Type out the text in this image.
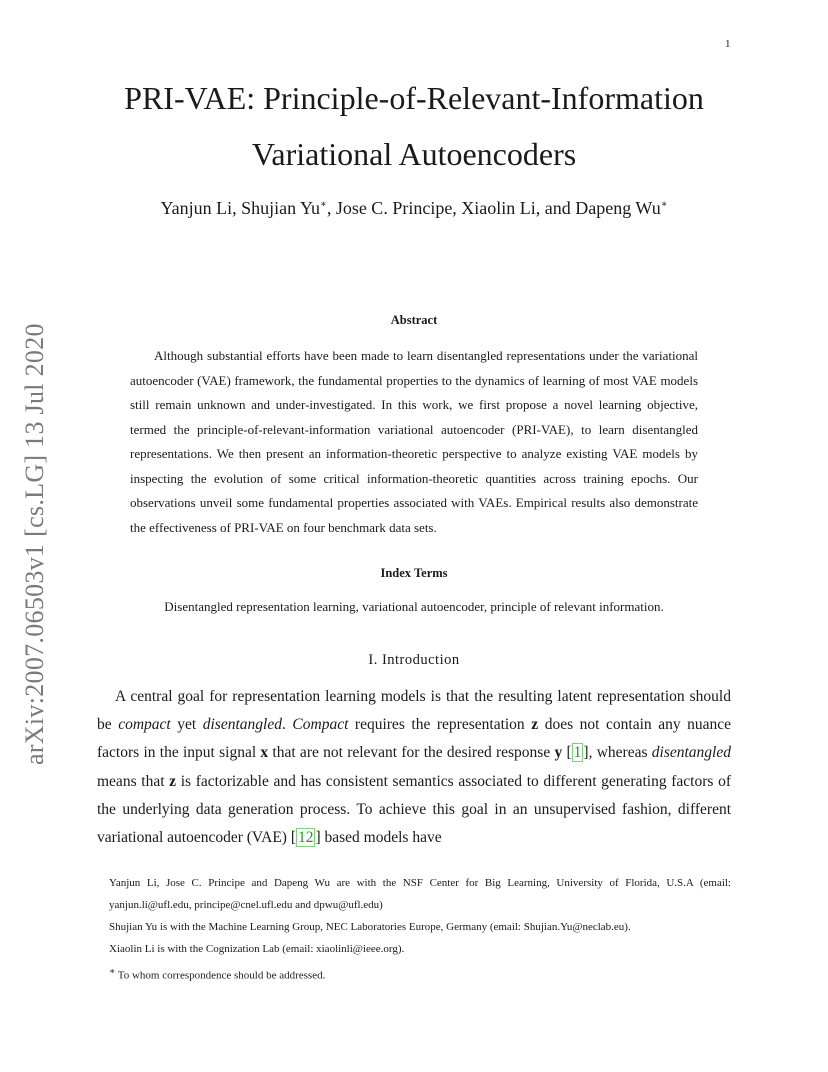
1
arXiv:2007.06503v1 [cs.LG] 13 Jul 2020
PRI-VAE: Principle-of-Relevant-Information
Variational Autoencoders
Yanjun Li, Shujian Yu∗, Jose C. Principe, Xiaolin Li, and Dapeng Wu∗
Abstract
Although substantial efforts have been made to learn disentangled representations under the variational autoencoder (VAE) framework, the fundamental properties to the dynamics of learning of most VAE models still remain unknown and under-investigated. In this work, we first propose a novel learning objective, termed the principle-of-relevant-information variational autoencoder (PRI-VAE), to learn disentangled representations. We then present an information-theoretic perspective to analyze existing VAE models by inspecting the evolution of some critical information-theoretic quantities across training epochs. Our observations unveil some fundamental properties associated with VAEs. Empirical results also demonstrate the effectiveness of PRI-VAE on four benchmark data sets.
Index Terms
Disentangled representation learning, variational autoencoder, principle of relevant information.
I. Introduction
A central goal for representation learning models is that the resulting latent representation should be compact yet disentangled. Compact requires the representation z does not contain any nuance factors in the input signal x that are not relevant for the desired response y [ 1 ], whereas disentangled means that z is factorizable and has consistent semantics associated to different generating factors of the underlying data generation process. To achieve this goal in an unsupervised fashion, different variational autoencoder (VAE) [ 12 ] based models have
Yanjun Li, Jose C. Principe and Dapeng Wu are with the NSF Center for Big Learning, University of Florida, U.S.A (email: yanjun.li@ufl.edu, principe@cnel.ufl.edu and dpwu@ufl.edu)
Shujian Yu is with the Machine Learning Group, NEC Laboratories Europe, Germany (email: Shujian.Yu@neclab.eu).
Xiaolin Li is with the Cognization Lab (email: xiaolinli@ieee.org).
∗ To whom correspondence should be addressed.
